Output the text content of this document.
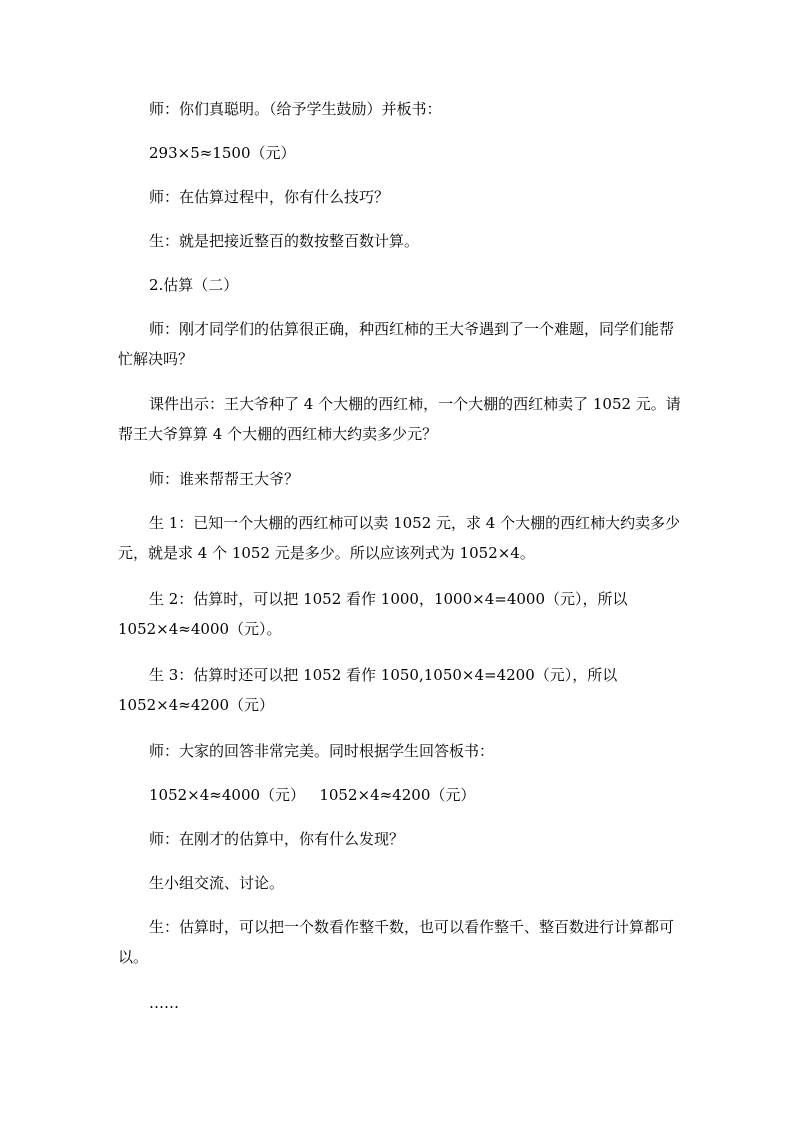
师：你们真聪明。（给予学生鼓励）并板书：

293×5≈1500（元）

师：在估算过程中，你有什么技巧？

生：就是把接近整百的数按整百数计算。

2.估算（二）

师：刚才同学们的估算很正确，种西红柿的王大爷遇到了一个难题，同学们能帮忙解决吗？

课件出示：王大爷种了 4 个大棚的西红柿，一个大棚的西红柿卖了 1052 元。请帮王大爷算算 4 个大棚的西红柿大约卖多少元？

师：谁来帮帮王大爷？

生 1：已知一个大棚的西红柿可以卖 1052 元，求 4 个大棚的西红柿大约卖多少元，就是求 4 个 1052 元是多少。所以应该列式为 1052×4。

生 2：估算时，可以把 1052 看作 1000，1000×4=4000（元），所以 1052×4≈4000（元）。

生 3：估算时还可以把 1052 看作 1050,1050×4=4200（元），所以 1052×4≈4200（元）

师：大家的回答非常完美。同时根据学生回答板书：

1052×4≈4000（元）   1052×4≈4200（元）

师：在刚才的估算中，你有什么发现？

生小组交流、讨论。

生：估算时，可以把一个数看作整千数，也可以看作整千、整百数进行计算都可以。

……
